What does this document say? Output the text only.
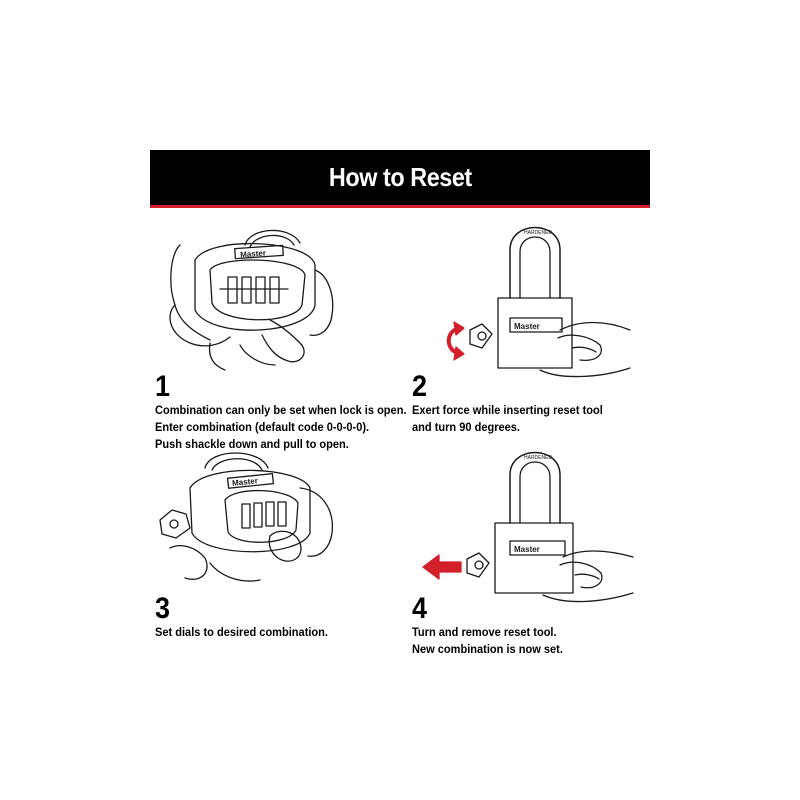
How to Reset
Master
HARDENED
Master
1
Combination can only be set when lock is open.
Enter combination (default code 0-0-0-0).
Push shackle down and pull to open.
2
Exert force while inserting reset tool
and turn 90 degrees.
Master
HARDENED
Master
3
Set dials to desired combination.
4
Turn and remove reset tool.
New combination is now set.
